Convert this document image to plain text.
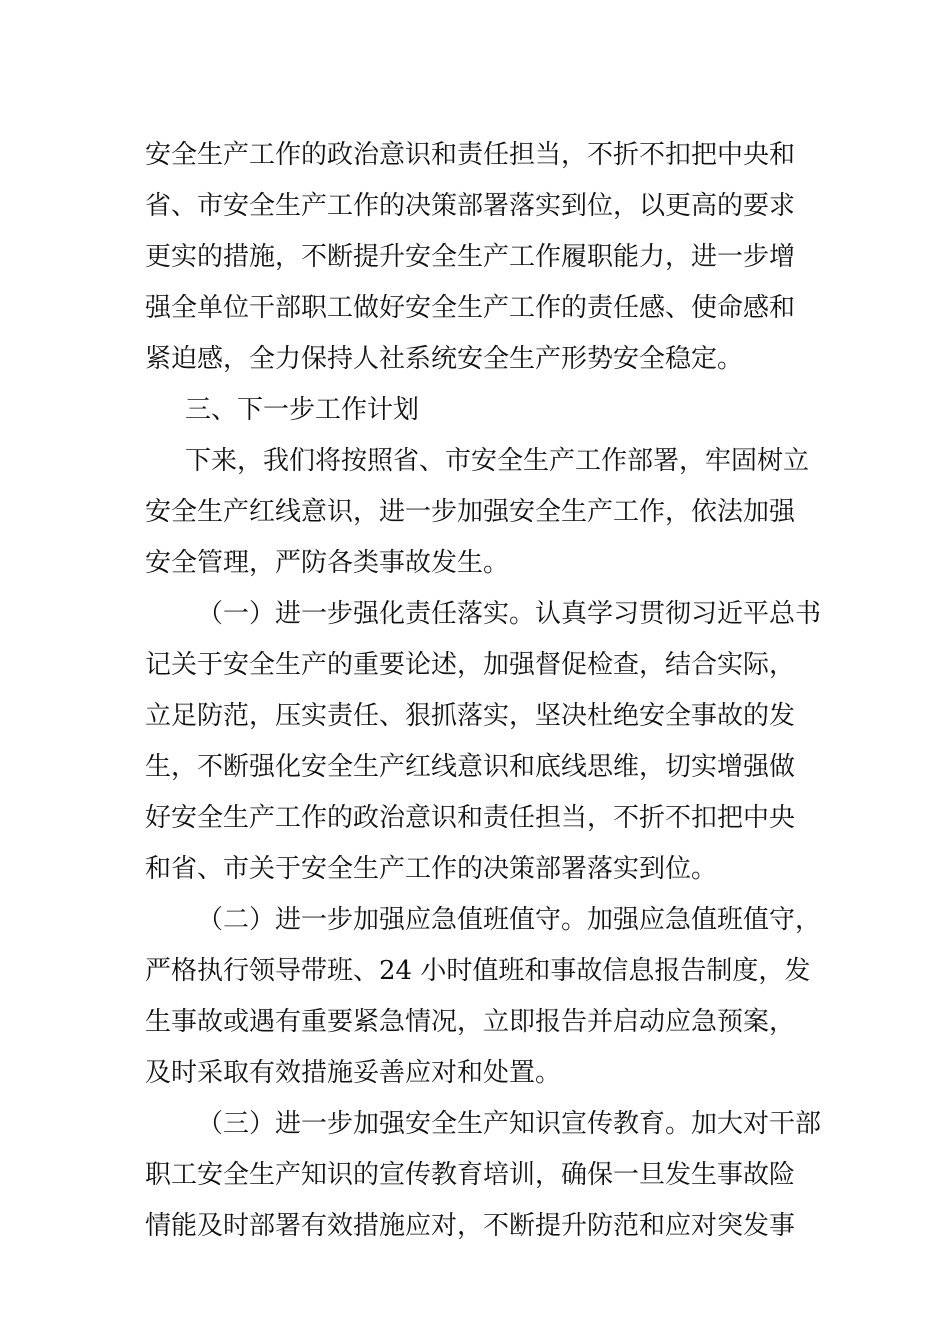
安全生产工作的政治意识和责任担当，不折不扣把中央和
省、市安全生产工作的决策部署落实到位，以更高的要求
更实的措施，不断提升安全生产工作履职能力，进一步增
强全单位干部职工做好安全生产工作的责任感、使命感和
紧迫感，全力保持人社系统安全生产形势安全稳定。
三、下一步工作计划
下来，我们将按照省、市安全生产工作部署，牢固树立
安全生产红线意识，进一步加强安全生产工作，依法加强
安全管理，严防各类事故发生。
（一）进一步强化责任落实。认真学习贯彻习近平总书
记关于安全生产的重要论述，加强督促检查，结合实际，
立足防范，压实责任、狠抓落实，坚决杜绝安全事故的发
生，不断强化安全生产红线意识和底线思维，切实增强做
好安全生产工作的政治意识和责任担当，不折不扣把中央
和省、市关于安全生产工作的决策部署落实到位。
（二）进一步加强应急值班值守。加强应急值班值守，
严格执行领导带班、24 小时值班和事故信息报告制度，发
生事故或遇有重要紧急情况，立即报告并启动应急预案，
及时采取有效措施妥善应对和处置。
（三）进一步加强安全生产知识宣传教育。加大对干部
职工安全生产知识的宣传教育培训，确保一旦发生事故险
情能及时部署有效措施应对，不断提升防范和应对突发事
